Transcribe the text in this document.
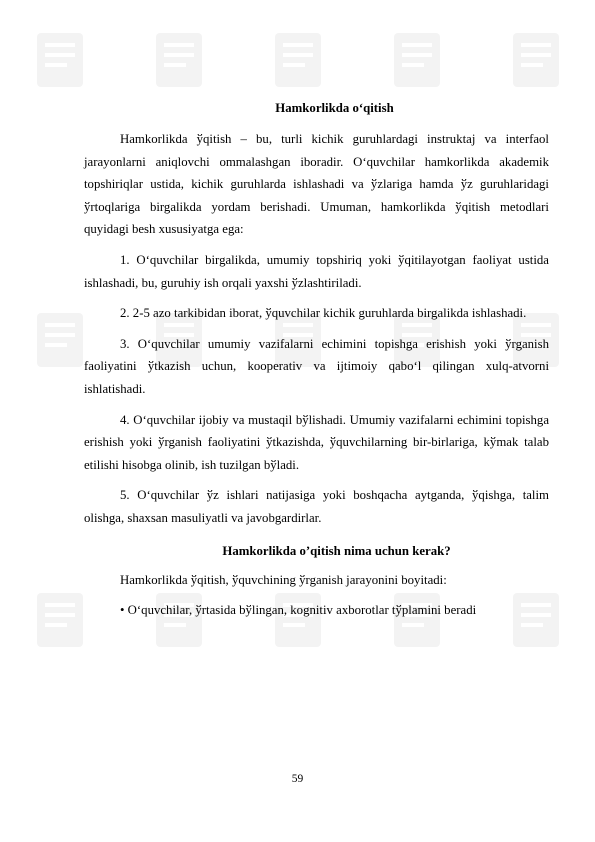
Hamkorlikda o‘qitish

Hamkorlikda ўqitish – bu, turli kichik guruhlardagi instruktaj va interfaol jarayonlarni aniqlovchi ommalashgan iboradir. O‘quvchilar hamkorlikda akademik topshiriqlar ustida, kichik guruhlarda ishlashadi va ўzlariga hamda ўz guruhlaridagi ўrtoqlariga birgalikda yordam berishadi. Umuman, hamkorlikda ўqitish metodlari quyidagi besh xususiyatga ega:

1. O‘quvchilar birgalikda, umumiy topshiriq yoki ўqitilayotgan faoliyat ustida ishlashadi, bu, guruhiy ish orqali yaxshi ўzlashtiriladi.

2. 2-5 azo tarkibidan iborat, ўquvchilar kichik guruhlarda birgalikda ishlashadi.

3. O‘quvchilar umumiy vazifalarni echimini topishga erishish yoki ўrganish faoliyatini ўtkazish uchun, kooperativ va ijtimoiy qabo‘l qilingan xulq-atvorni ishlatishadi.

4. O‘quvchilar ijobiy va mustaqil bўlishadi. Umumiy vazifalarni echimini topishga erishish yoki ўrganish faoliyatini ўtkazishda, ўquvchilarning bir-birlariga, kўmak talab etilishi hisobga olinib, ish tuzilgan bўladi.

5. O‘quvchilar ўz ishlari natijasiga yoki boshqacha aytganda, ўqishga, talim olishga, shaxsan masuliyatli va javobgardirlar.

Hamkorlikda o’qitish nima uchun kerak?

Hamkorlikda ўqitish, ўquvchining ўrganish jarayonini boyitadi:

• O‘quvchilar, ўrtasida bўlingan, kognitiv axborotlar tўplamini beradi

59
